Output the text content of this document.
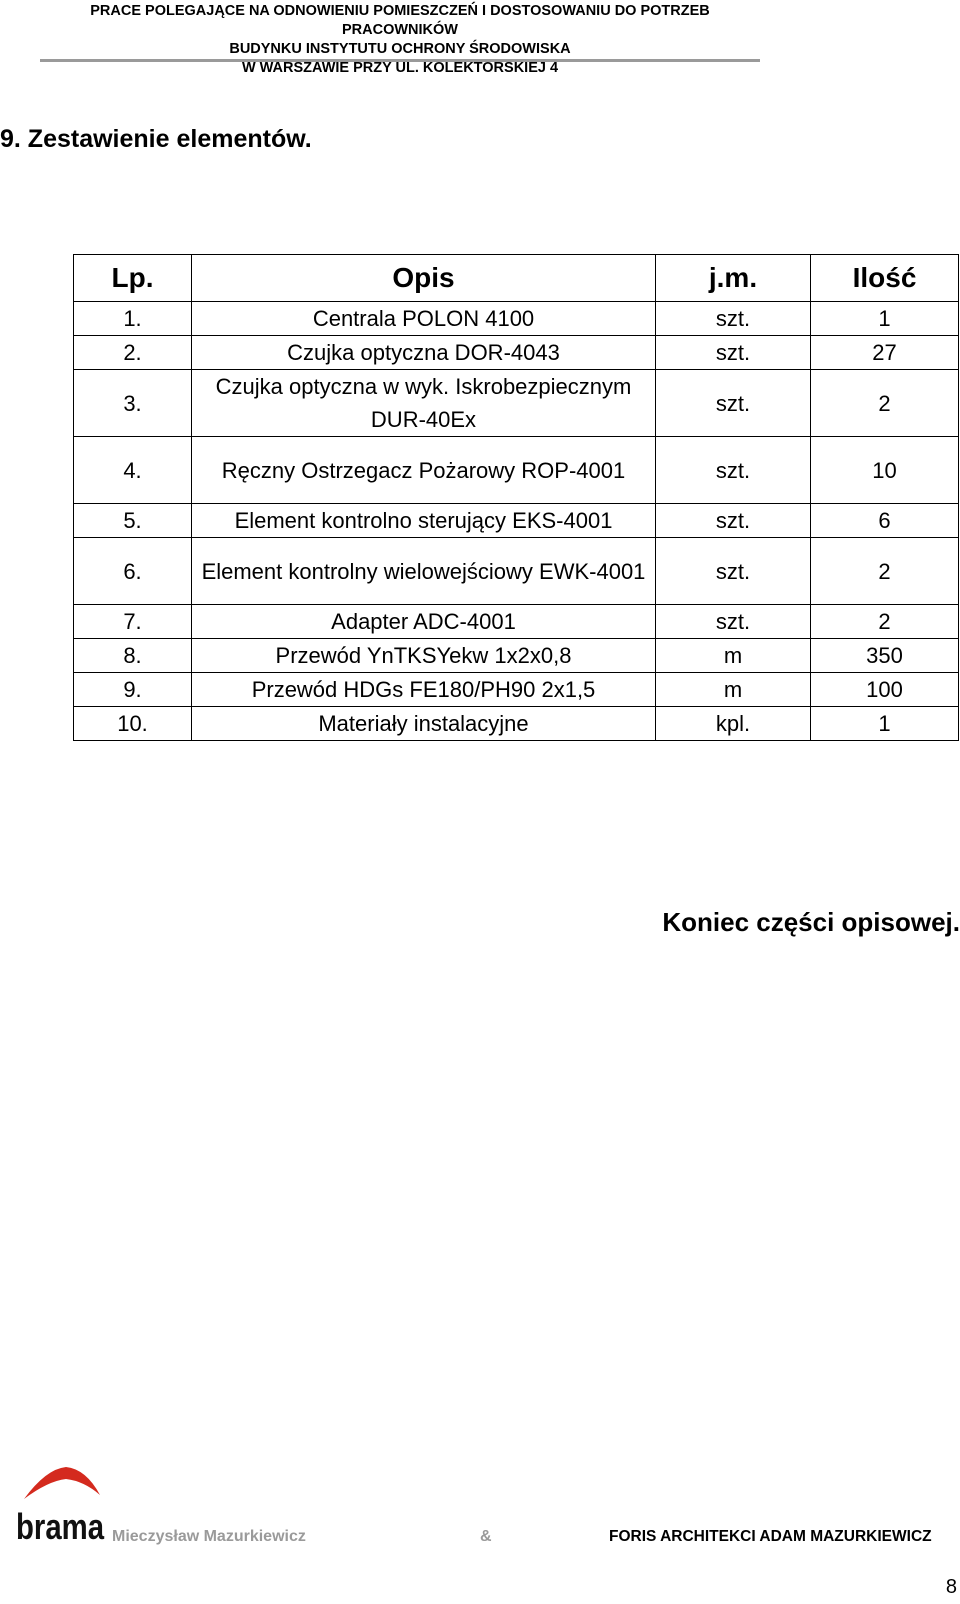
PRACE POLEGAJĄCE NA ODNOWIENIU POMIESZCZEŃ I DOSTOSOWANIU DO POTRZEB PRACOWNIKÓW
BUDYNKU INSTYTUTU OCHRONY ŚRODOWISKA
W WARSZAWIE PRZY UL. KOLEKTORSKIEJ 4
9. Zestawienie elementów.
Lp.	Opis	j.m.	Ilość
1.	Centrala POLON 4100	szt.	1
2.	Czujka optyczna DOR-4043	szt.	27
3.	Czujka optyczna w wyk. Iskrobezpiecznym DUR-40Ex	szt.	2
4.	Ręczny Ostrzegacz Pożarowy ROP-4001	szt.	10
5.	Element kontrolno sterujący EKS-4001	szt.	6
6.	Element kontrolny wielowejściowy EWK-4001	szt.	2
7.	Adapter ADC-4001	szt.	2
8.	Przewód YnTKSYekw 1x2x0,8	m	350
9.	Przewód HDGs FE180/PH90 2x1,5	m	100
10.	Materiały instalacyjne	kpl.	1
Koniec części opisowej.
brama Mieczysław Mazurkiewicz	&	FORIS ARCHITEKCI ADAM MAZURKIEWICZ
8
